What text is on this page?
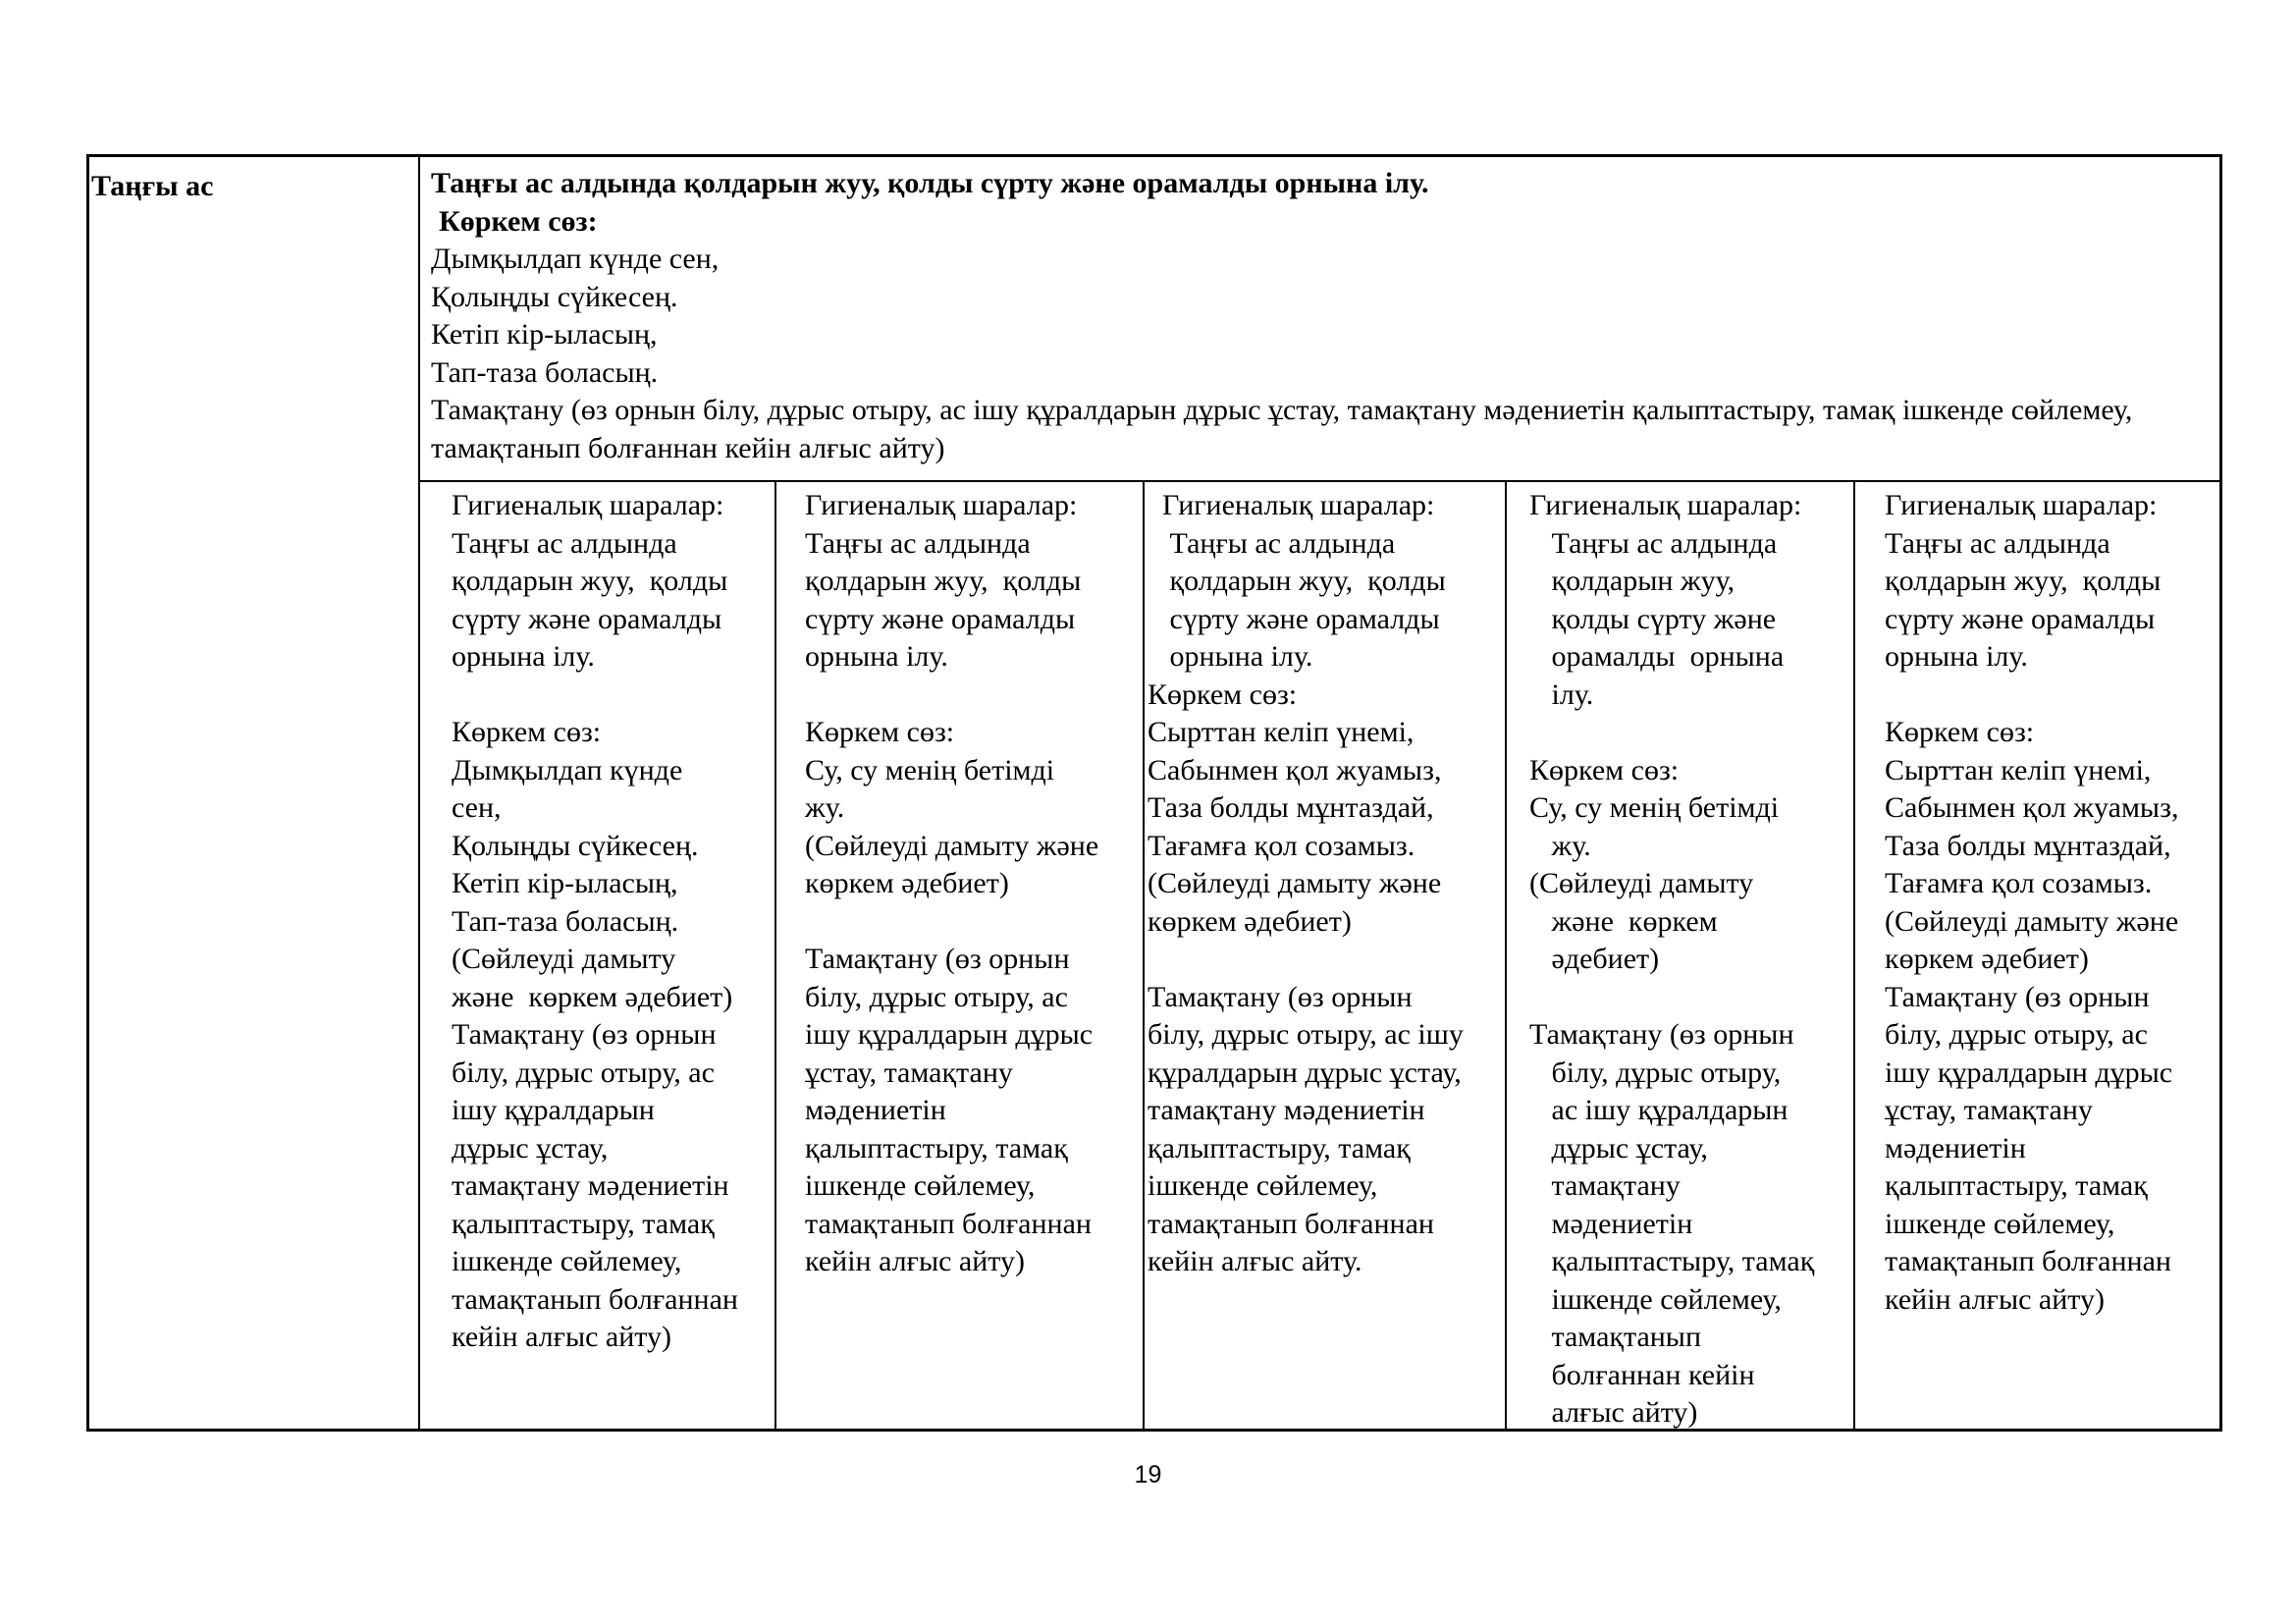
Таңғы ас	Таңғы ас алдында қолдарын жуу, қолды сүрту және орамалды орнына ілу.
Көркем сөз:
Дымқылдап күнде сен,
Қолыңды сүйкесең.
Кетіп кір-ыласың,
Тап-таза боласың.
Тамақтану (өз орнын білу, дұрыс отыру, ас ішу құралдарын дұрыс ұстау, тамақтану мәдениетін қалыптастыру, тамақ ішкенде сөйлемеу, тамақтанып болғаннан кейін алғыс айту)
Гигиеналық шаралар:
Таңғы ас алдында
қолдарын жуу,  қолды
сүрту және орамалды
орнына ілу.
Көркем сөз:
Дымқылдап күнде
сен,
Қолыңды сүйкесең.
Кетіп кір-ыласың,
Тап-таза боласың.
(Сөйлеуді дамыту
және  көркем әдебиет)
Тамақтану (өз орнын
білу, дұрыс отыру, ас
ішу құралдарын
дұрыс ұстау,
тамақтану мәдениетін
қалыптастыру, тамақ
ішкенде сөйлемеу,
тамақтанып болғаннан
кейін алғыс айту)
Гигиеналық шаралар:
Таңғы ас алдында
қолдарын жуу,  қолды
сүрту және орамалды
орнына ілу.
Көркем сөз:
Су, су менің бетімді
жу.
(Сөйлеуді дамыту және
көркем әдебиет)
Тамақтану (өз орнын
білу, дұрыс отыру, ас
ішу құралдарын дұрыс
ұстау, тамақтану
мәдениетін
қалыптастыру, тамақ
ішкенде сөйлемеу,
тамақтанып болғаннан
кейін алғыс айту)
Гигиеналық шаралар:
Таңғы ас алдында
қолдарын жуу,  қолды
сүрту және орамалды
орнына ілу.
Көркем сөз:
Сырттан келіп үнемі,
Сабынмен қол жуамыз,
Таза болды мұнтаздай,
Тағамға қол созамыз.
(Сөйлеуді дамыту және
көркем әдебиет)
Тамақтану (өз орнын
білу, дұрыс отыру, ас ішу
құралдарын дұрыс ұстау,
тамақтану мәдениетін
қалыптастыру, тамақ
ішкенде сөйлемеу,
тамақтанып болғаннан
кейін алғыс айту.
Гигиеналық шаралар:
Таңғы ас алдында
қолдарын жуу,
қолды сүрту және
орамалды  орнына
ілу.
Көркем сөз:
Су, су менің бетімді
жу.
(Сөйлеуді дамыту
және  көркем
әдебиет)
Тамақтану (өз орнын
білу, дұрыс отыру,
ас ішу құралдарын
дұрыс ұстау,
тамақтану
мәдениетін
қалыптастыру, тамақ
ішкенде сөйлемеу,
тамақтанып
болғаннан кейін
алғыс айту)
Гигиеналық шаралар:
Таңғы ас алдында
қолдарын жуу,  қолды
сүрту және орамалды
орнына ілу.
Көркем сөз:
Сырттан келіп үнемі,
Сабынмен қол жуамыз,
Таза болды мұнтаздай,
Тағамға қол созамыз.
(Сөйлеуді дамыту және
көркем әдебиет)
Тамақтану (өз орнын
білу, дұрыс отыру, ас
ішу құралдарын дұрыс
ұстау, тамақтану
мәдениетін
қалыптастыру, тамақ
ішкенде сөйлемеу,
тамақтанып болғаннан
кейін алғыс айту)
19
